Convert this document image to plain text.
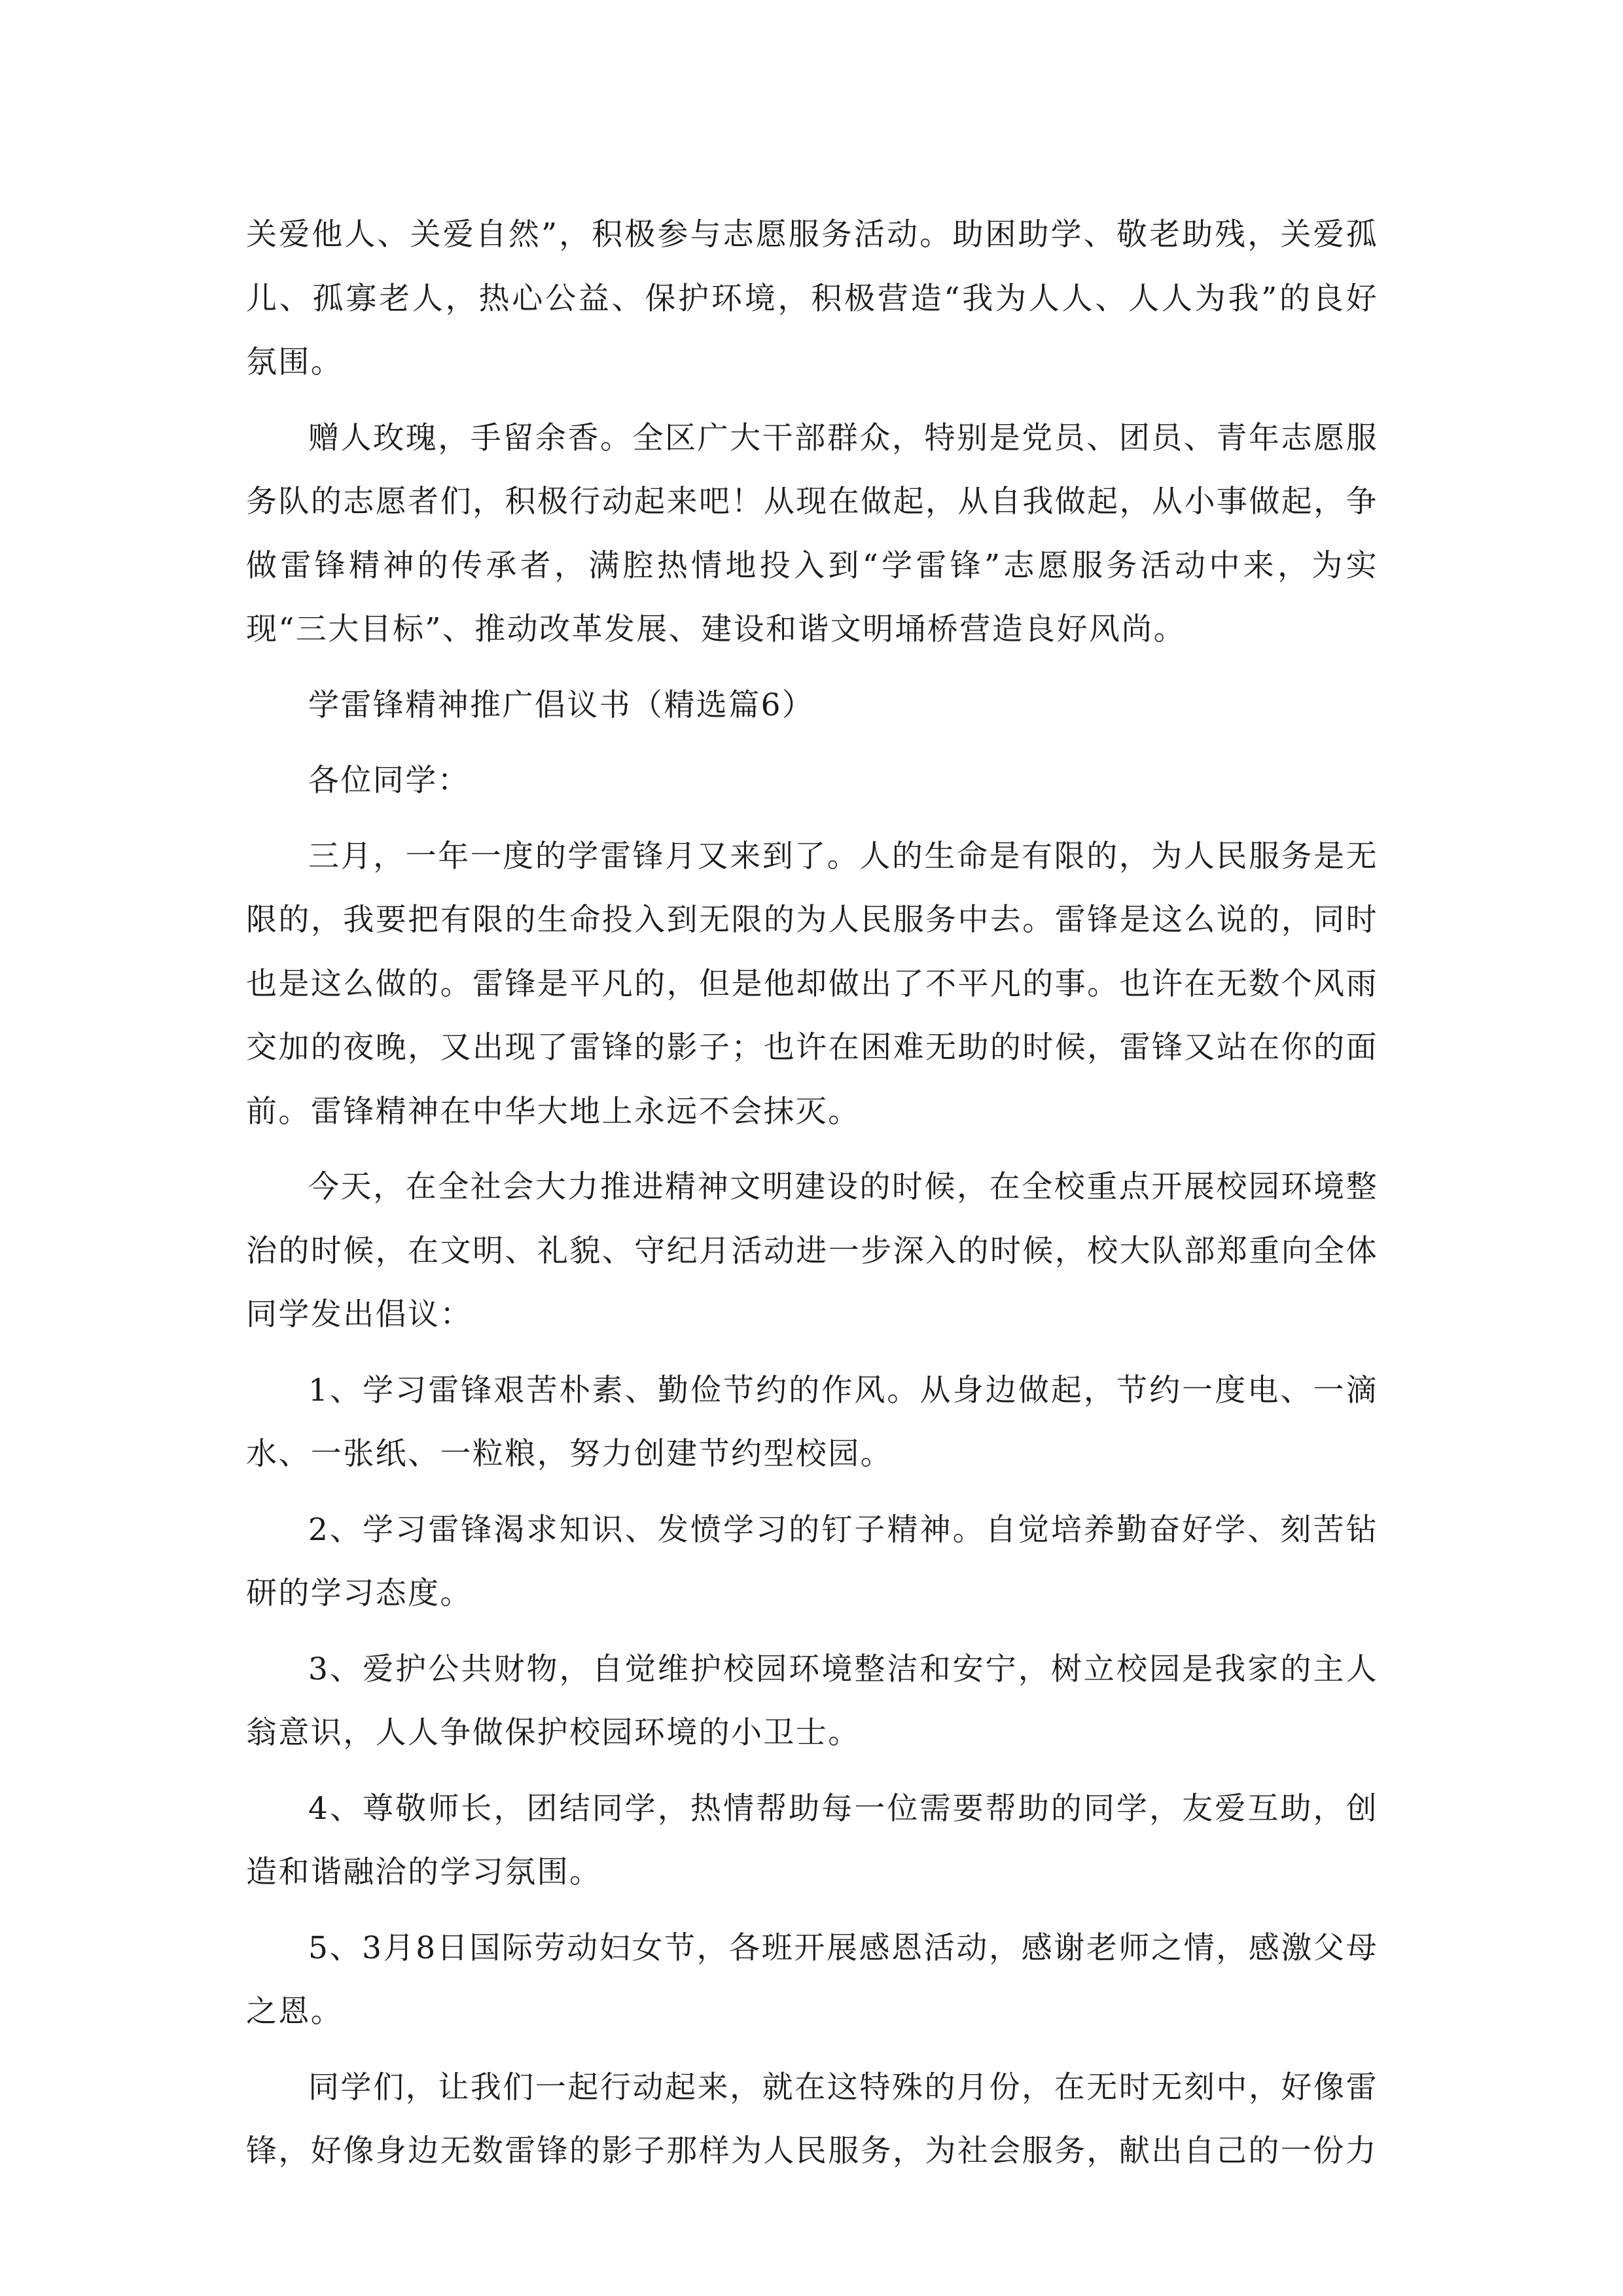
关爱他人、关爱自然”，积极参与志愿服务活动。助困助学、敬老助残，关爱孤儿、孤寡老人，热心公益、保护环境，积极营造“我为人人、人人为我”的良好氛围。

赠人玫瑰，手留余香。全区广大干部群众，特别是党员、团员、青年志愿服务队的志愿者们，积极行动起来吧！从现在做起，从自我做起，从小事做起，争做雷锋精神的传承者，满腔热情地投入到“学雷锋”志愿服务活动中来，为实现“三大目标”、推动改革发展、建设和谐文明埇桥营造良好风尚。

学雷锋精神推广倡议书（精选篇6）

各位同学：

三月，一年一度的学雷锋月又来到了。人的生命是有限的，为人民服务是无限的，我要把有限的生命投入到无限的为人民服务中去。雷锋是这么说的，同时也是这么做的。雷锋是平凡的，但是他却做出了不平凡的事。也许在无数个风雨交加的夜晚，又出现了雷锋的影子；也许在困难无助的时候，雷锋又站在你的面前。雷锋精神在中华大地上永远不会抹灭。

今天，在全社会大力推进精神文明建设的时候，在全校重点开展校园环境整治的时候，在文明、礼貌、守纪月活动进一步深入的时候，校大队部郑重向全体同学发出倡议：

1、学习雷锋艰苦朴素、勤俭节约的作风。从身边做起，节约一度电、一滴水、一张纸、一粒粮，努力创建节约型校园。

2、学习雷锋渴求知识、发愤学习的钉子精神。自觉培养勤奋好学、刻苦钻研的学习态度。

3、爱护公共财物，自觉维护校园环境整洁和安宁，树立校园是我家的主人翁意识，人人争做保护校园环境的小卫士。

4、尊敬师长，团结同学，热情帮助每一位需要帮助的同学，友爱互助，创造和谐融洽的学习氛围。

5、3月8日国际劳动妇女节，各班开展感恩活动，感谢老师之情，感激父母之恩。

同学们，让我们一起行动起来，就在这特殊的月份，在无时无刻中，好像雷锋，好像身边无数雷锋的影子那样为人民服务，为社会服务，献出自己的一份力
